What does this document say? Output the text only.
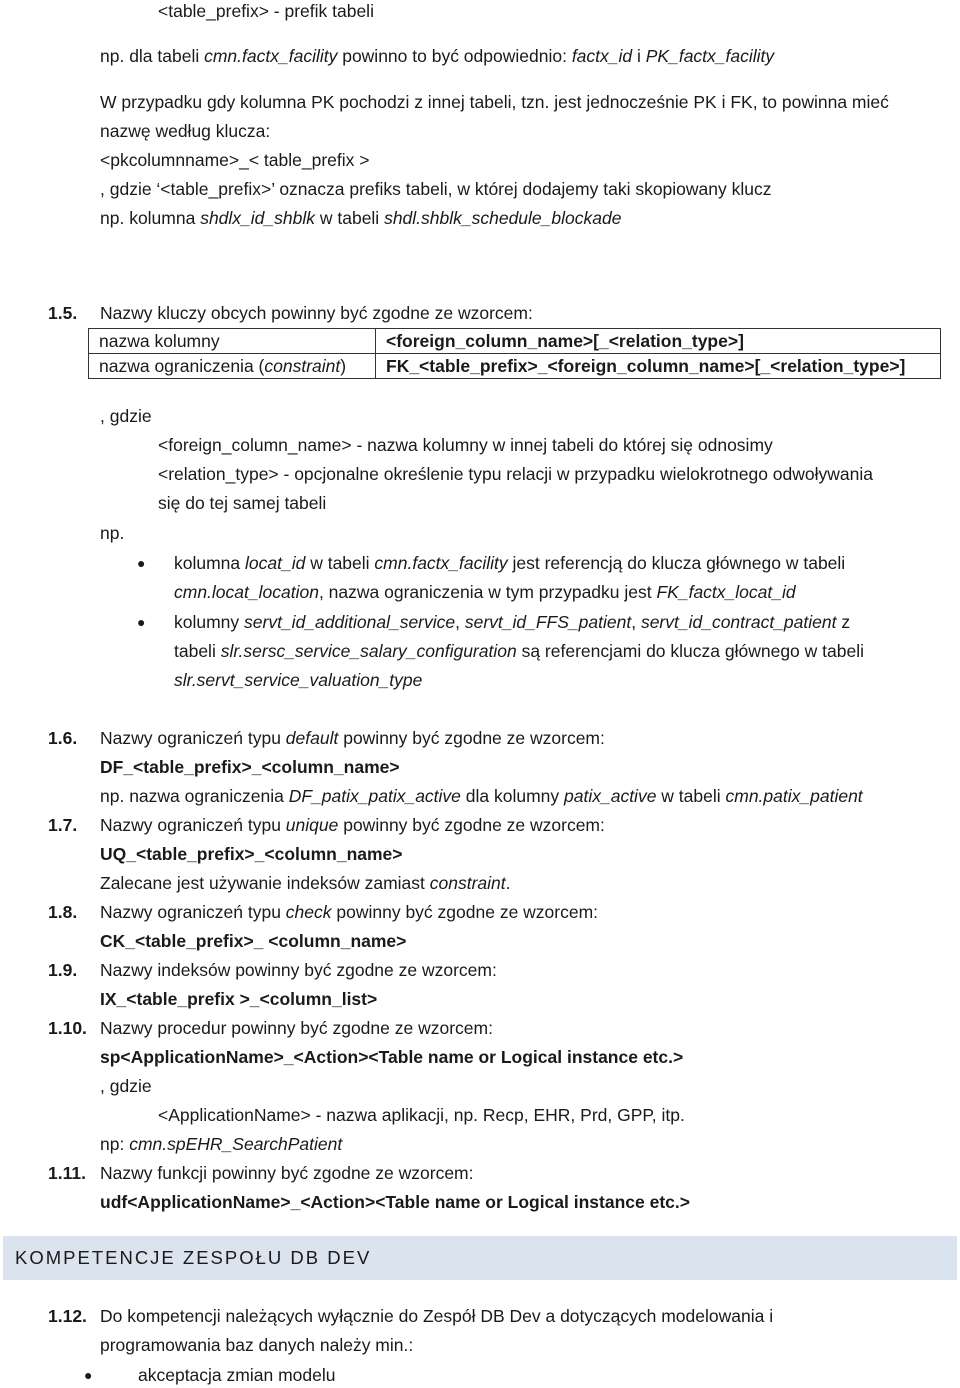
<table_prefix> - prefik tabeli
np. dla tabeli cmn.factx_facility powinno to być odpowiednio: factx_id i PK_factx_facility
W przypadku gdy kolumna PK pochodzi z innej tabeli, tzn. jest jednocześnie PK i FK, to powinna mieć
nazwę według klucza:
<pkcolumnname>_< table_prefix >
, gdzie ‘<table_prefix>’ oznacza prefiks tabeli, w której dodajemy taki skopiowany klucz
np. kolumna shdlx_id_shblk w tabeli shdl.shblk_schedule_blockade
1.5. Nazwy kluczy obcych powinny być zgodne ze wzorcem:
nazwa kolumny	<foreign_column_name>[_<relation_type>]
nazwa ograniczenia (constraint)	FK_<table_prefix>_<foreign_column_name>[_<relation_type>]
, gdzie
<foreign_column_name> - nazwa kolumny w innej tabeli do której się odnosimy
<relation_type> - opcjonalne określenie typu relacji w przypadku wielokrotnego odwoływania
się do tej samej tabeli
np.
● kolumna locat_id w tabeli cmn.factx_facility jest referencją do klucza głównego w tabeli
cmn.locat_location, nazwa ograniczenia w tym przypadku jest FK_factx_locat_id
● kolumny servt_id_additional_service, servt_id_FFS_patient, servt_id_contract_patient z
tabeli slr.sersc_service_salary_configuration są referencjami do klucza głównego w tabeli
slr.servt_service_valuation_type
1.6. Nazwy ograniczeń typu default powinny być zgodne ze wzorcem:
DF_<table_prefix>_<column_name>
np. nazwa ograniczenia DF_patix_patix_active dla kolumny patix_active w tabeli cmn.patix_patient
1.7. Nazwy ograniczeń typu unique powinny być zgodne ze wzorcem:
UQ_<table_prefix>_<column_name>
Zalecane jest używanie indeksów zamiast constraint.
1.8. Nazwy ograniczeń typu check powinny być zgodne ze wzorcem:
CK_<table_prefix>_ <column_name>
1.9. Nazwy indeksów powinny być zgodne ze wzorcem:
IX_<table_prefix >_<column_list>
1.10. Nazwy procedur powinny być zgodne ze wzorcem:
sp<ApplicationName>_<Action><Table name or Logical instance etc.>
, gdzie
<ApplicationName> - nazwa aplikacji, np. Recp, EHR, Prd, GPP, itp.
np: cmn.spEHR_SearchPatient
1.11. Nazwy funkcji powinny być zgodne ze wzorcem:
udf<ApplicationName>_<Action><Table name or Logical instance etc.>
KOMPETENCJE ZESPOŁU DB DEV
1.12. Do kompetencji należących wyłącznie do Zespół DB Dev a dotyczących modelowania i
programowania baz danych należy min.:
●	akceptacja zmian modelu
